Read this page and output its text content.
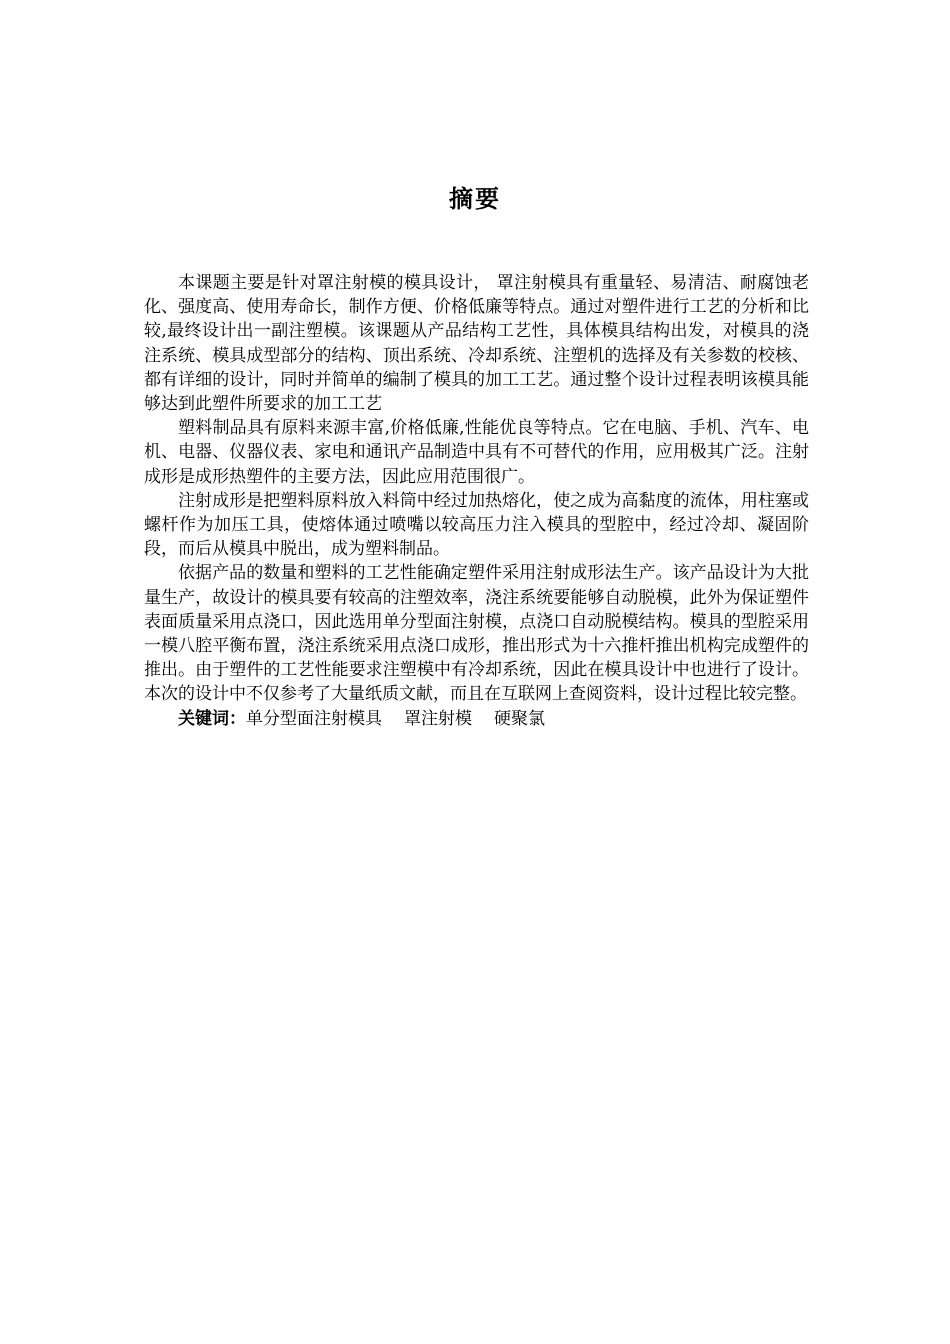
摘要

本课题主要是针对罩注射模的模具设计， 罩注射模具有重量轻、易清洁、耐腐蚀老化、强度高、使用寿命长，制作方便、价格低廉等特点。通过对塑件进行工艺的分析和比较,最终设计出一副注塑模。该课题从产品结构工艺性，具体模具结构出发，对模具的浇注系统、模具成型部分的结构、顶出系统、冷却系统、注塑机的选择及有关参数的校核、都有详细的设计，同时并简单的编制了模具的加工工艺。通过整个设计过程表明该模具能够达到此塑件所要求的加工工艺

塑料制品具有原料来源丰富,价格低廉,性能优良等特点。它在电脑、手机、汽车、电机、电器、仪器仪表、家电和通讯产品制造中具有不可替代的作用，应用极其广泛。注射成形是成形热塑件的主要方法，因此应用范围很广。

注射成形是把塑料原料放入料筒中经过加热熔化，使之成为高黏度的流体，用柱塞或螺杆作为加压工具，使熔体通过喷嘴以较高压力注入模具的型腔中，经过冷却、凝固阶段，而后从模具中脱出，成为塑料制品。

依据产品的数量和塑料的工艺性能确定塑件采用注射成形法生产。该产品设计为大批量生产，故设计的模具要有较高的注塑效率，浇注系统要能够自动脱模，此外为保证塑件表面质量采用点浇口，因此选用单分型面注射模，点浇口自动脱模结构。模具的型腔采用一模八腔平衡布置，浇注系统采用点浇口成形，推出形式为十六推杆推出机构完成塑件的推出。由于塑件的工艺性能要求注塑模中有冷却系统，因此在模具设计中也进行了设计。本次的设计中不仅参考了大量纸质文献，而且在互联网上查阅资料，设计过程比较完整。

关键词：单分型面注射模具 罩注射模 硬聚氯
